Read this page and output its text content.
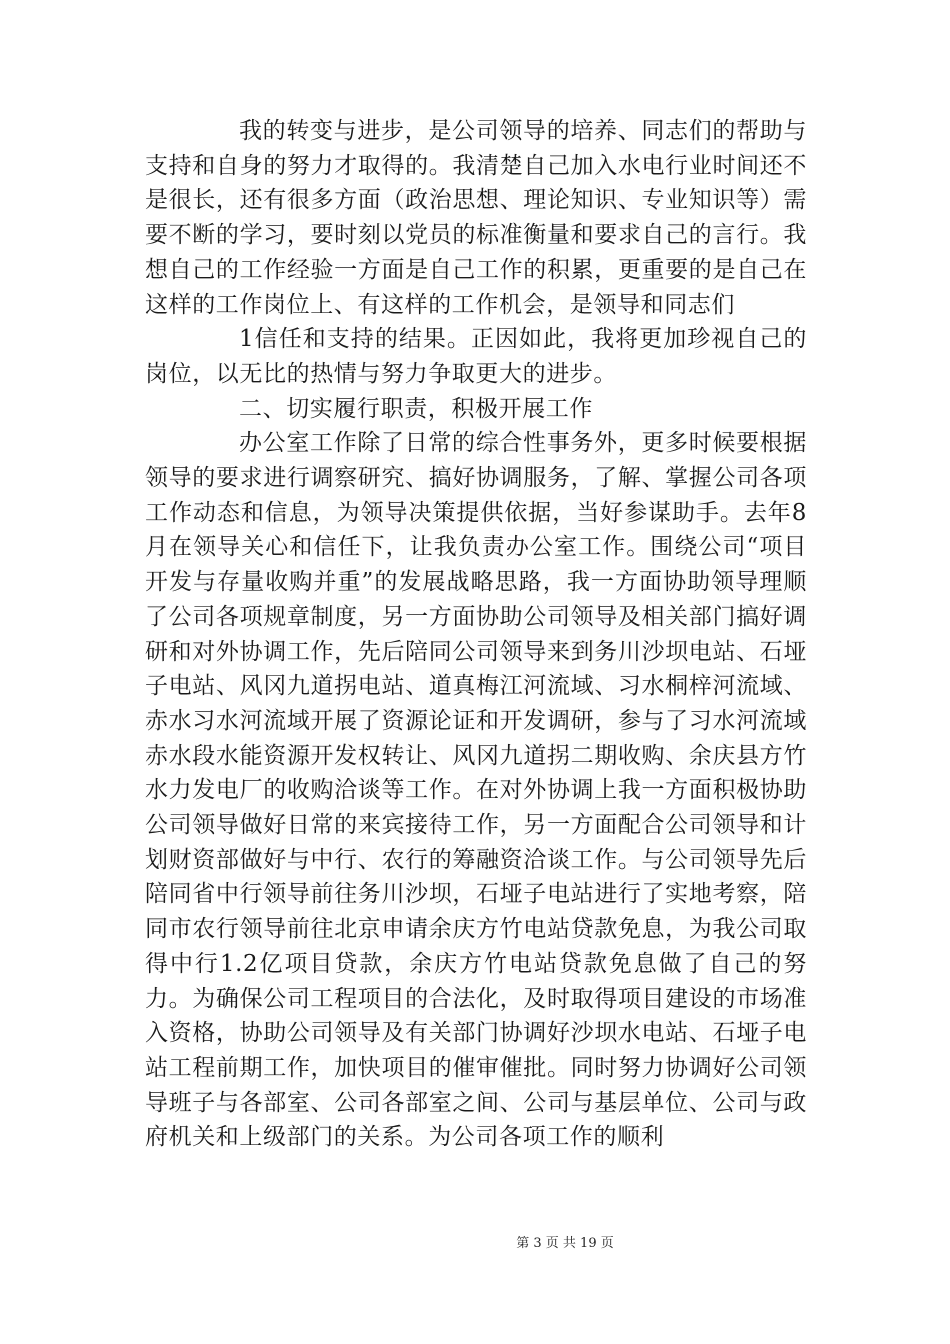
我的转变与进步，是公司领导的培养、同志们的帮助与支持和自身的努力才取得的。我清楚自己加入水电行业时间还不是很长，还有很多方面（政治思想、理论知识、专业知识等）需要不断的学习，要时刻以党员的标准衡量和要求自己的言行。我想自己的工作经验一方面是自己工作的积累，更重要的是自己在这样的工作岗位上、有这样的工作机会，是领导和同志们

1信任和支持的结果。正因如此，我将更加珍视自己的岗位，以无比的热情与努力争取更大的进步。

二、切实履行职责，积极开展工作

办公室工作除了日常的综合性事务外，更多时候要根据领导的要求进行调察研究、搞好协调服务，了解、掌握公司各项工作动态和信息，为领导决策提供依据，当好参谋助手。去年8月在领导关心和信任下，让我负责办公室工作。围绕公司“项目开发与存量收购并重”的发展战略思路，我一方面协助领导理顺了公司各项规章制度，另一方面协助公司领导及相关部门搞好调研和对外协调工作，先后陪同公司领导来到务川沙坝电站、石垭子电站、风冈九道拐电站、道真梅江河流域、习水桐梓河流域、赤水习水河流域开展了资源论证和开发调研，参与了习水河流域赤水段水能资源开发权转让、风冈九道拐二期收购、余庆县方竹水力发电厂的收购洽谈等工作。在对外协调上我一方面积极协助公司领导做好日常的来宾接待工作，另一方面配合公司领导和计划财资部做好与中行、农行的筹融资洽谈工作。与公司领导先后陪同省中行领导前往务川沙坝，石垭子电站进行了实地考察，陪同市农行领导前往北京申请余庆方竹电站贷款免息，为我公司取得中行1.2亿项目贷款，余庆方竹电站贷款免息做了自己的努力。为确保公司工程项目的合法化，及时取得项目建设的市场准入资格，协助公司领导及有关部门协调好沙坝水电站、石垭子电站工程前期工作，加快项目的催审催批。同时努力协调好公司领导班子与各部室、公司各部室之间、公司与基层单位、公司与政府机关和上级部门的关系。为公司各项工作的顺利

第 3 页 共 19 页
